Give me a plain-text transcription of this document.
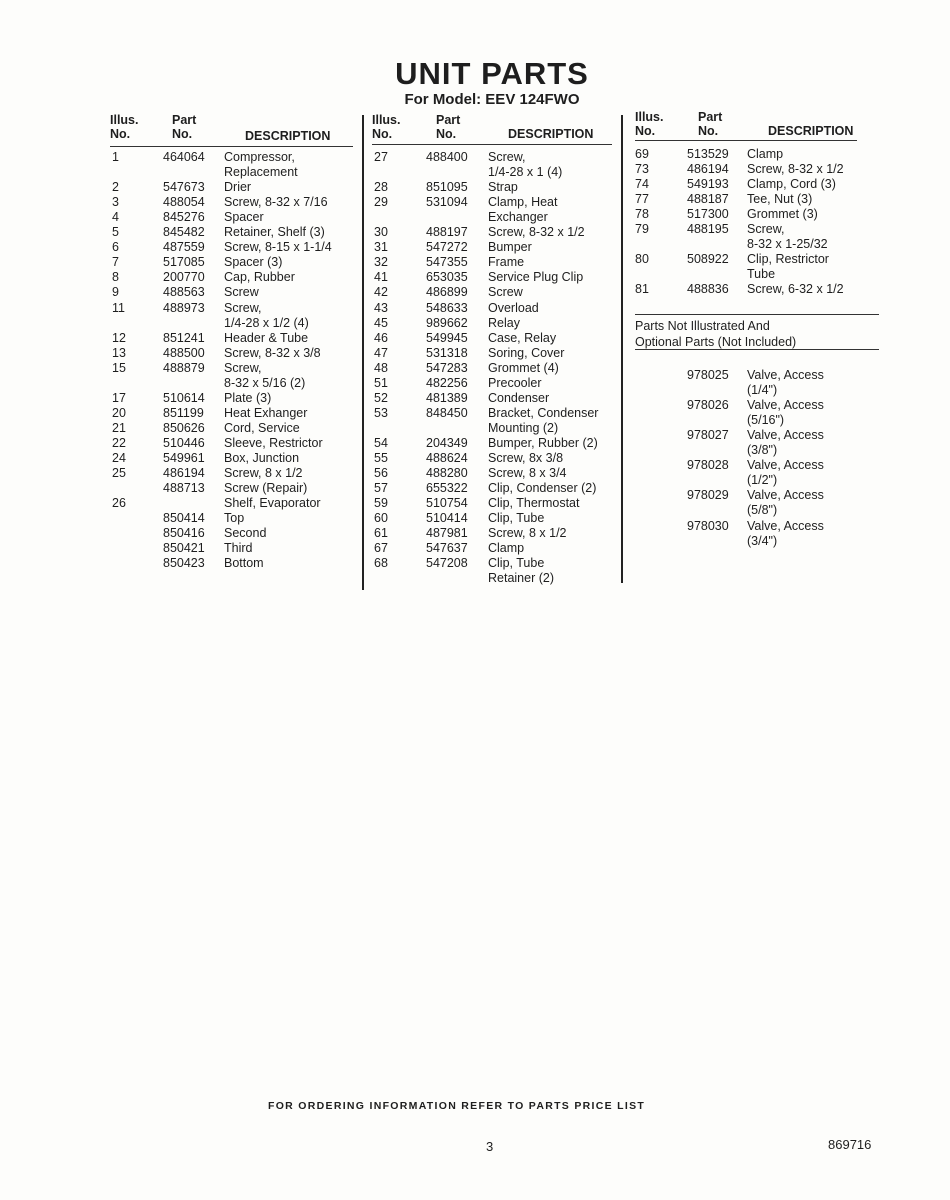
UNIT PARTS
For Model: EEV 124FWO
Illus.
No.
Part
No.	DESCRIPTION
Illus.
No.
Part
No.	DESCRIPTION
Illus.
No.
Part
No.	DESCRIPTION
1	464064 Compressor,
Replacement
2	547673 Drier
3	488054 Screw, 8-32 x 7/16
4	845276 Spacer
5	845482 Retainer, Shelf (3)
6	487559 Screw, 8-15 x 1-1/4
7	517085 Spacer (3)
8	200770 Cap, Rubber
9	488563 Screw
11	488973 Screw,
1/4-28 x 1/2 (4)
12	851241 Header & Tube
13	488500 Screw, 8-32 x 3/8
15	488879 Screw,
8-32 x 5/16 (2)
17	510614 Plate (3)
20	851199 Heat Exhanger
21	850626 Cord, Service
22	510446 Sleeve, Restrictor
24	549961 Box, Junction
25	486194 Screw, 8 x 1/2
488713 Screw (Repair)
26	Shelf, Evaporator
850414 Top
850416 Second
850421 Third
850423 Bottom
27	488400 Screw,
1/4-28 x 1 (4)
28	851095 Strap
29	531094 Clamp, Heat
Exchanger
30	488197 Screw, 8-32 x 1/2
31	547272 Bumper
32	547355 Frame
41	653035 Service Plug Clip
42	486899 Screw
43	548633 Overload
45	989662 Relay
46	549945 Case, Relay
47	531318 Soring, Cover
48	547283 Grommet (4)
51	482256 Precooler
52	481389 Condenser
53	848450 Bracket, Condenser
Mounting (2)
54	204349 Bumper, Rubber (2)
55	488624 Screw, 8x 3/8
56	488280 Screw, 8 x 3/4
57	655322 Clip, Condenser (2)
59	510754 Clip, Thermostat
60	510414 Clip, Tube
61	487981 Screw, 8 x 1/2
67	547637 Clamp
68	547208 Clip, Tube
Retainer (2)
69	513529 Clamp
73	486194 Screw, 8-32 x 1/2
74	549193 Clamp, Cord (3)
77	488187 Tee, Nut (3)
78	517300 Grommet (3)
79	488195 Screw,
8-32 x 1-25/32
80	508922 Clip, Restrictor
Tube
81	488836 Screw, 6-32 x 1/2
Parts Not Illustrated And
Optional Parts (Not Included)
978025 Valve, Access
(1/4")
978026 Valve, Access
(5/16")
978027 Valve, Access
(3/8")
978028 Valve, Access
(1/2")
978029 Valve, Access
(5/8")
978030 Valve, Access
(3/4")
FOR ORDERING INFORMATION REFER TO PARTS PRICE LIST
3	869716
